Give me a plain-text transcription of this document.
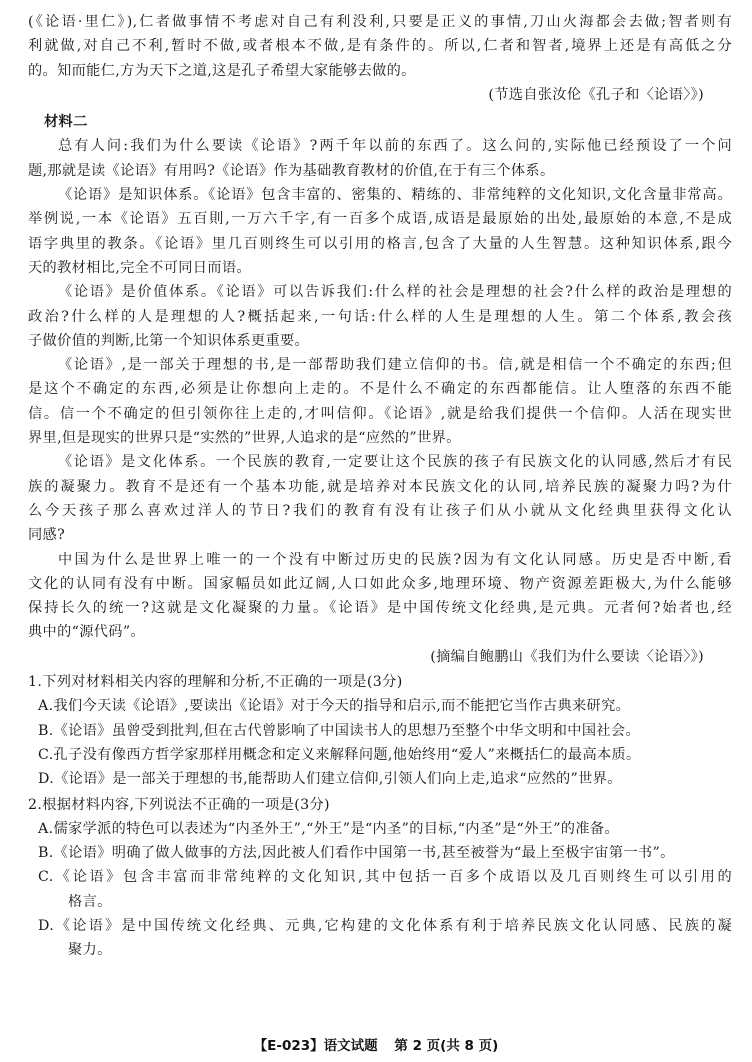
(《论语·里仁》),仁者做事情不考虑对自己有利没利,只要是正义的事情,刀山火海都会去做;智者则有
利就做,对自己不利,暂时不做,或者根本不做,是有条件的。所以,仁者和智者,境界上还是有高低之分
的。知而能仁,方为天下之道,这是孔子希望大家能够去做的。
(节选自张汝伦《孔子和〈论语〉》)
材料二
总有人问:我们为什么要读《论语》?两千年以前的东西了。这么问的,实际他已经预设了一个问
题,那就是读《论语》有用吗?《论语》作为基础教育教材的价值,在于有三个体系。
《论语》是知识体系。《论语》包含丰富的、密集的、精练的、非常纯粹的文化知识,文化含量非常高。
举例说,一本《论语》五百則,一万六千字,有一百多个成语,成语是最原始的出处,最原始的本意,不是成
语字典里的教条。《论语》里几百则终生可以引用的格言,包含了大量的人生智慧。这种知识体系,跟今
天的教材相比,完全不可同日而语。
《论语》是价值体系。《论语》可以告诉我们:什么样的社会是理想的社会?什么样的政治是理想的
政治?什么样的人是理想的人?概括起来,一句话:什么样的人生是理想的人生。第二个体系,教会孩
子做价值的判断,比第一个知识体系更重要。
《论语》,是一部关于理想的书,是一部帮助我们建立信仰的书。信,就是相信一个不确定的东西;但
是这个不确定的东西,必须是让你想向上走的。不是什么不确定的东西都能信。让人堕落的东西不能
信。信一个不确定的但引领你往上走的,才叫信仰。《论语》,就是给我们提供一个信仰。人活在现实世
界里,但是现实的世界只是“实然的”世界,人追求的是“应然的”世界。
《论语》是文化体系。一个民族的教育,一定要让这个民族的孩子有民族文化的认同感,然后才有民
族的凝聚力。教育不是还有一个基本功能,就是培养对本民族文化的认同,培养民族的凝聚力吗?为什
么今天孩子那么喜欢过洋人的节日?我们的教育有没有让孩子们从小就从文化经典里获得文化认
同感?
中国为什么是世界上唯一的一个没有中断过历史的民族?因为有文化认同感。历史是否中断,看
文化的认同有没有中断。国家幅员如此辽阔,人口如此众多,地理环境、物产资源差距极大,为什么能够
保持长久的统一?这就是文化凝聚的力量。《论语》是中国传统文化经典,是元典。元者何?始者也,经
典中的“源代码”。
(摘编自鲍鹏山《我们为什么要读〈论语〉》)
1.下列对材料相关内容的理解和分析,不正确的一项是(3分)
A.我们今天读《论语》,要读出《论语》对于今天的指导和启示,而不能把它当作古典来研究。
B.《论语》虽曾受到批判,但在古代曾影响了中国读书人的思想乃至整个中华文明和中国社会。
C.孔子没有像西方哲学家那样用概念和定义来解释问题,他始终用“爱人”来概括仁的最高本质。
D.《论语》是一部关于理想的书,能帮助人们建立信仰,引领人们向上走,追求“应然的”世界。
2.根据材料内容,下列说法不正确的一项是(3分)
A.儒家学派的特色可以表述为“内圣外王”,“外王”是“内圣”的目标,“内圣”是“外王”的准备。
B.《论语》明确了做人做事的方法,因此被人们看作中国第一书,甚至被誉为“最上至极宇宙第一书”。
C.《论语》包含丰富而非常纯粹的文化知识,其中包括一百多个成语以及几百则终生可以引用的
格言。
D.《论语》是中国传统文化经典、元典,它构建的文化体系有利于培养民族文化认同感、民族的凝
聚力。
【E-023】语文试题 第 2 页(共 8 页)
